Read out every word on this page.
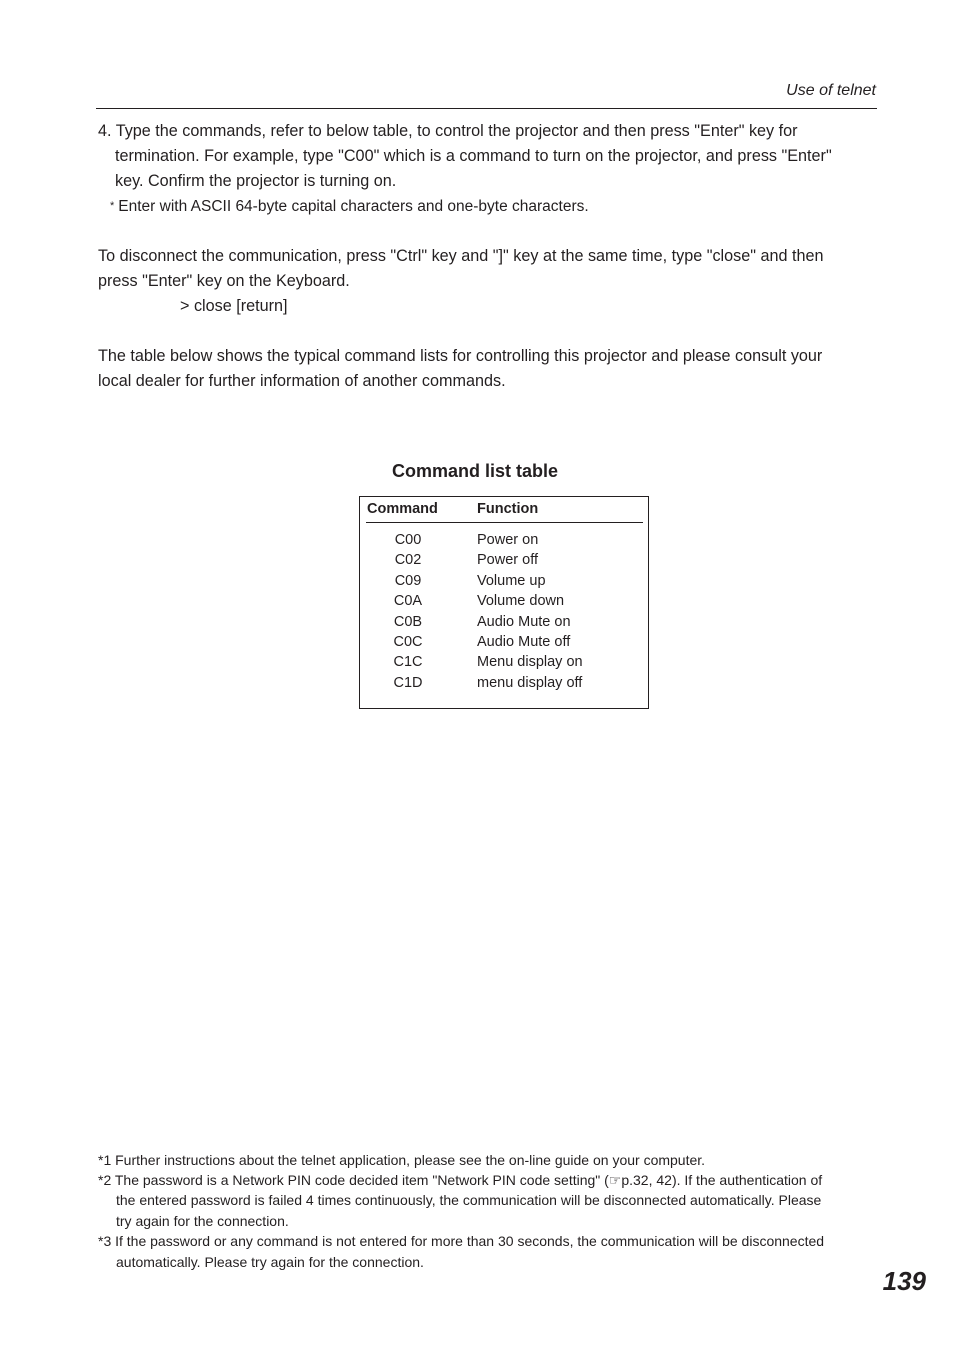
Use of telnet
4. Type the commands, refer to below table, to control the projector and then press "Enter" key for
termination. For example, type "C00" which is a command to turn on the projector, and press "Enter"
key. Confirm the projector is turning on.
* Enter with ASCII 64-byte capital characters and one-byte characters.
To disconnect the communication, press "Ctrl" key and "]" key at the same time, type "close" and then
press "Enter" key on the Keyboard.
> close [return]
The table below shows the typical command lists for controlling this projector and please consult your
local dealer for further information of another commands.
Command list table
Command	Function
C00	Power on
C02	Power off
C09	Volume up
C0A	Volume down
C0B	Audio Mute on
C0C	Audio Mute off
C1C	Menu display on
C1D	menu display off
*1 Further instructions about the telnet application, please see the on-line guide on your computer.
*2 The password is a Network PIN code decided item "Network PIN code setting" (☞p.32, 42). If the authentication of
the entered password is failed 4 times continuously, the communication will be disconnected automatically. Please
try again for the connection.
*3 If the password or any command is not entered for more than 30 seconds, the communication will be disconnected
automatically. Please try again for the connection.
139
